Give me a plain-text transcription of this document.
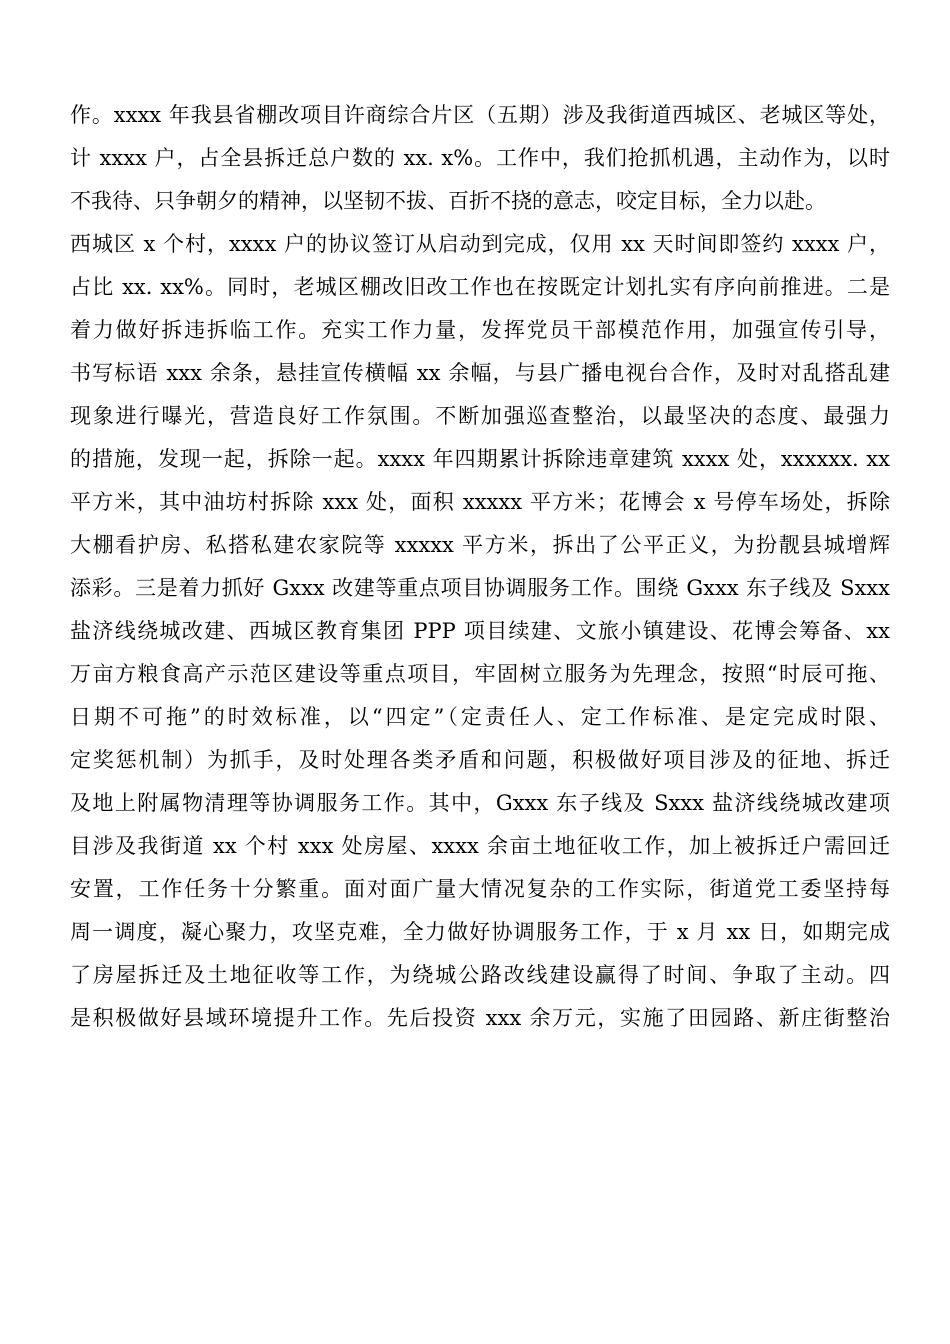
作。xxxx 年我县省棚改项目许商综合片区（五期）涉及我街道西城区、老城区等处，
计 xxxx 户，占全县拆迁总户数的 xx. x%。工作中，我们抢抓机遇，主动作为，以时
不我待、只争朝夕的精神，以坚韧不拔、百折不挠的意志，咬定目标，全力以赴。
西城区 x 个村，xxxx 户的协议签订从启动到完成，仅用 xx 天时间即签约 xxxx 户，
占比 xx. xx%。同时，老城区棚改旧改工作也在按既定计划扎实有序向前推进。二是
着力做好拆违拆临工作。充实工作力量，发挥党员干部模范作用，加强宣传引导，
书写标语 xxx 余条，悬挂宣传横幅 xx 余幅，与县广播电视台合作，及时对乱搭乱建
现象进行曝光，营造良好工作氛围。不断加强巡查整治，以最坚决的态度、最强力
的措施，发现一起，拆除一起。xxxx 年四期累计拆除违章建筑 xxxx 处，xxxxxx. xx
平方米，其中油坊村拆除 xxx 处，面积 xxxxx 平方米；花博会 x 号停车场处，拆除
大棚看护房、私搭私建农家院等 xxxxx 平方米，拆出了公平正义，为扮靓县城增辉
添彩。三是着力抓好 Gxxx 改建等重点项目协调服务工作。围绕 Gxxx 东子线及 Sxxx
盐济线绕城改建、西城区教育集团 PPP 项目续建、文旅小镇建设、花博会筹备、xx
万亩方粮食高产示范区建设等重点项目，牢固树立服务为先理念，按照“时辰可拖、
日期不可拖”的时效标准，以“四定”（定责任人、定工作标准、是定完成时限、
定奖惩机制）为抓手，及时处理各类矛盾和问题，积极做好项目涉及的征地、拆迁
及地上附属物清理等协调服务工作。其中，Gxxx 东子线及 Sxxx 盐济线绕城改建项
目涉及我街道 xx 个村 xxx 处房屋、xxxx 余亩土地征收工作，加上被拆迁户需回迁
安置，工作任务十分繁重。面对面广量大情况复杂的工作实际，街道党工委坚持每
周一调度，凝心聚力，攻坚克难，全力做好协调服务工作，于 x 月 xx 日，如期完成
了房屋拆迁及土地征收等工作，为绕城公路改线建设赢得了时间、争取了主动。四
是积极做好县域环境提升工作。先后投资 xxx 余万元，实施了田园路、新庄街整治
